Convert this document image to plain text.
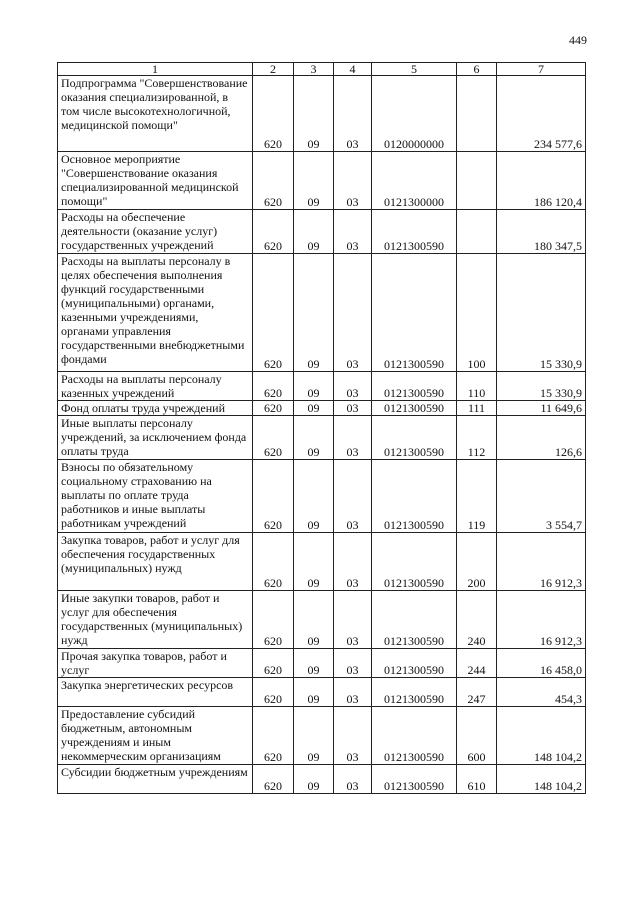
449
1	2	3	4	5	6	7
Подпрограмма "Совершенствование оказания специализированной, в том числе высокотехнологичной, медицинской помощи"	620	09	03	0120000000		234 577,6
Основное мероприятие "Совершенствование оказания специализированной медицинской помощи"	620	09	03	0121300000		186 120,4
Расходы на обеспечение деятельности (оказание услуг) государственных учреждений	620	09	03	0121300590		180 347,5
Расходы на выплаты персоналу в целях обеспечения выполнения функций государственными (муниципальными) органами, казенными учреждениями, органами управления государственными внебюджетными фондами	620	09	03	0121300590	100	15 330,9
Расходы на выплаты персоналу казенных учреждений	620	09	03	0121300590	110	15 330,9
Фонд оплаты труда учреждений	620	09	03	0121300590	111	11 649,6
Иные выплаты персоналу учреждений, за исключением фонда оплаты труда	620	09	03	0121300590	112	126,6
Взносы по обязательному социальному страхованию на выплаты по оплате труда работников и иные выплаты работникам учреждений	620	09	03	0121300590	119	3 554,7
Закупка товаров, работ и услуг для обеспечения государственных (муниципальных) нужд	620	09	03	0121300590	200	16 912,3
Иные закупки товаров, работ и услуг для обеспечения государственных (муниципальных) нужд	620	09	03	0121300590	240	16 912,3
Прочая закупка товаров, работ и услуг	620	09	03	0121300590	244	16 458,0
Закупка энергетических ресурсов	620	09	03	0121300590	247	454,3
Предоставление субсидий бюджетным, автономным учреждениям и иным некоммерческим организациям	620	09	03	0121300590	600	148 104,2
Субсидии бюджетным учреждениям	620	09	03	0121300590	610	148 104,2
